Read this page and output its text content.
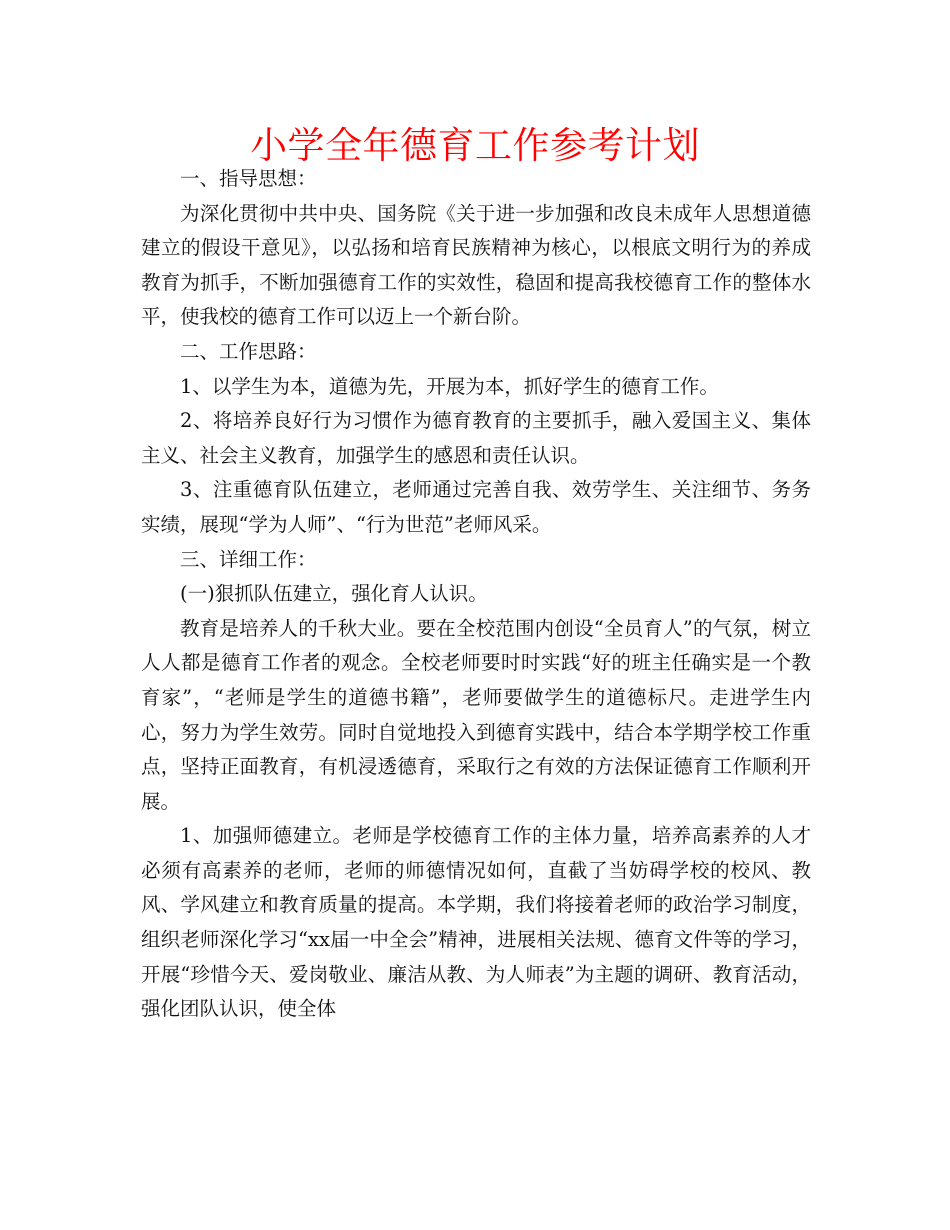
小学全年德育工作参考计划

一、指导思想：

为深化贯彻中共中央、国务院《关于进一步加强和改良未成年人思想道德建立的假设干意见》，以弘扬和培育民族精神为核心，以根底文明行为的养成教育为抓手，不断加强德育工作的实效性，稳固和提高我校德育工作的整体水平，使我校的德育工作可以迈上一个新台阶。

二、工作思路：

1、以学生为本，道德为先，开展为本，抓好学生的德育工作。

2、将培养良好行为习惯作为德育教育的主要抓手，融入爱国主义、集体主义、社会主义教育，加强学生的感恩和责任认识。

3、注重德育队伍建立，老师通过完善自我、效劳学生、关注细节、务务实绩，展现“学为人师”、“行为世范”老师风采。

三、详细工作：

(一)狠抓队伍建立，强化育人认识。

教育是培养人的千秋大业。要在全校范围内创设“全员育人”的气氛，树立人人都是德育工作者的观念。全校老师要时时实践“好的班主任确实是一个教育家”，“老师是学生的道德书籍”，老师要做学生的道德标尺。走进学生内心，努力为学生效劳。同时自觉地投入到德育实践中，结合本学期学校工作重点，坚持正面教育，有机浸透德育，采取行之有效的方法保证德育工作顺利开展。

1、加强师德建立。老师是学校德育工作的主体力量，培养高素养的人才必须有高素养的老师，老师的师德情况如何，直截了当妨碍学校的校风、教风、学风建立和教育质量的提高。本学期，我们将接着老师的政治学习制度，组织老师深化学习“xx届一中全会”精神，进展相关法规、德育文件等的学习，开展“珍惜今天、爱岗敬业、廉洁从教、为人师表”为主题的调研、教育活动，强化团队认识，使全体
